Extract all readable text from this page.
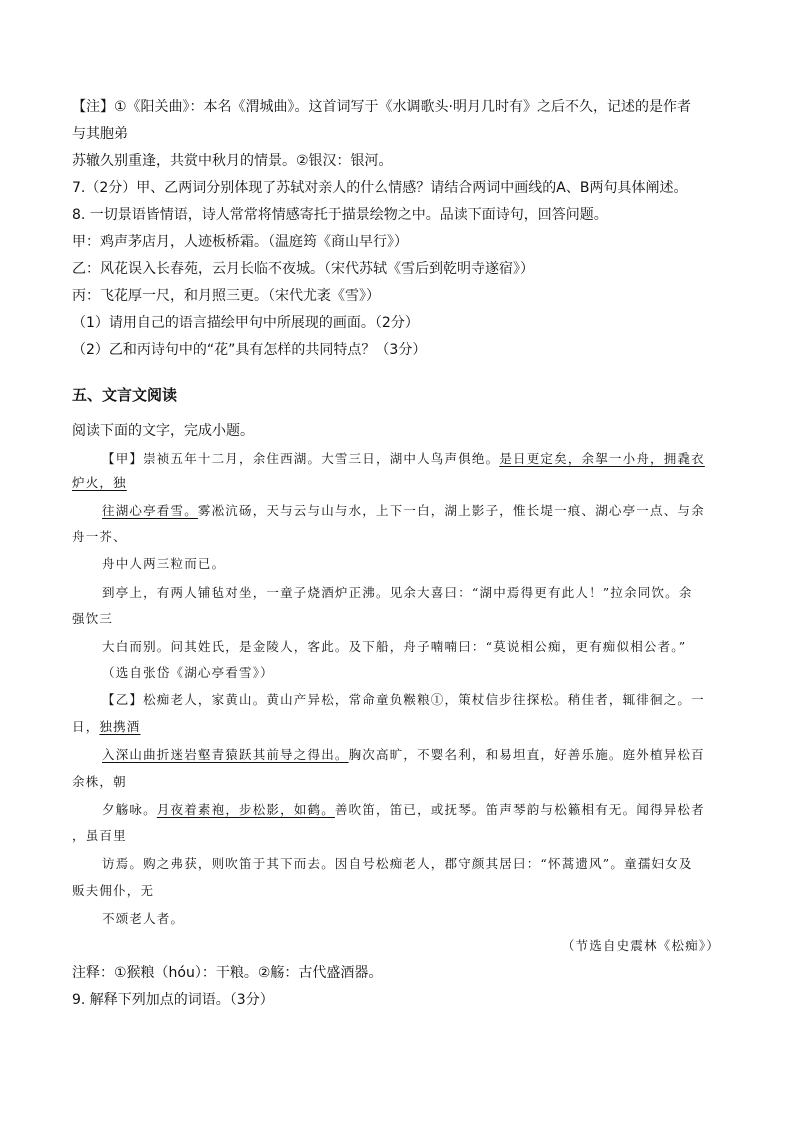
【注】①《阳关曲》：本名《渭城曲》。这首词写于《水调歌头·明月几时有》之后不久，记述的是作者
与其胞弟
苏辙久别重逢，共赏中秋月的情景。②银汉：银河。
7.（2分）甲、乙两词分别体现了苏轼对亲人的什么情感？请结合两词中画线的A、B两句具体阐述。
8. 一切景语皆情语，诗人常常将情感寄托于描景绘物之中。品读下面诗句，回答问题。
甲：鸡声茅店月，人迹板桥霜。（温庭筠《商山早行》）
乙：风花误入长春苑，云月长临不夜城。（宋代苏轼《雪后到乾明寺遂宿》）
丙：飞花厚一尺，和月照三更。（宋代尤袤《雪》）
（1）请用自己的语言描绘甲句中所展现的画面。（2分）
（2）乙和丙诗句中的“花”具有怎样的共同特点？（3分）
五、文言文阅读
阅读下面的文字，完成小题。
【甲】崇祯五年十二月，余住西湖。大雪三日，湖中人鸟声俱绝。是日更定矣，余挐一小舟，拥毳衣
炉火，独
往湖心亭看雪。雾凇沆砀，天与云与山与水，上下一白，湖上影子，惟长堤一痕、湖心亭一点、与余
舟一芥、
舟中人两三粒而已。
到亭上，有两人铺毡对坐，一童子烧酒炉正沸。见余大喜曰：“湖中焉得更有此人！”拉余同饮。余
强饮三
大白而别。问其姓氏，是金陵人，客此。及下船，舟子喃喃曰：“莫说相公痴，更有痴似相公者。”
（选自张岱《湖心亭看雪》）
【乙】松痴老人，家黄山。黄山产异松，常命童负糇粮①，策杖信步往探松。稍佳者，辄徘徊之。一
日，独携酒
入深山曲折迷岩壑青猿跃其前导之得出。胸次高旷，不婴名利，和易坦直，好善乐施。庭外植异松百
余株，朝
夕觞咏。月夜着素袍，步松影，如鹤。善吹笛，笛已，或抚琴。笛声琴韵与松籁相有无。闻得异松者
，虽百里
访焉。购之弗获，则吹笛于其下而去。因自号松痴老人，郡守颜其居曰：“怀蒿遗风”。童孺妇女及
贩夫佣仆，无
不颂老人者。
（节选自史震林《松痴》）
注释：①猴粮（hóu）：干粮。②觞：古代盛酒器。
9. 解释下列加点的词语。（3分）
